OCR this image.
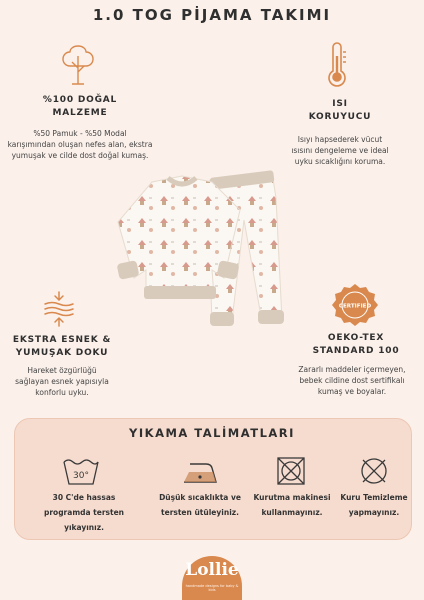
1.0 TOG PİJAMA TAKIMI
%100 DOĞAL
MALZEME
%50 Pamuk - %50 Modal
karışımından oluşan nefes alan, ekstra
yumuşak ve cilde dost doğal kumaş.
ISI
KORUYUCU
Isıyı hapsederek vücut
ısısını dengeleme ve ideal
uyku sıcaklığını koruma.
EKSTRA ESNEK &
YUMUŞAK DOKU
Hareket özgürlüğü
sağlayan esnek yapısıyla
konforlu uyku.
CERTIFIED
OEKO-TEX
STANDARD 100
Zararlı maddeler içermeyen,
bebek cildine dost sertifikalı
kumaş ve boyalar.
YIKAMA TALİMATLARI
30°
30 C'de hassas
programda tersten yıkayınız.
Düşük sıcaklıkta ve
tersten ütüleyiniz.
Kurutma makinesi
kullanmayınız.
Kuru Temizleme
yapmayınız.
Lollie
handmade designs for baby & kids
